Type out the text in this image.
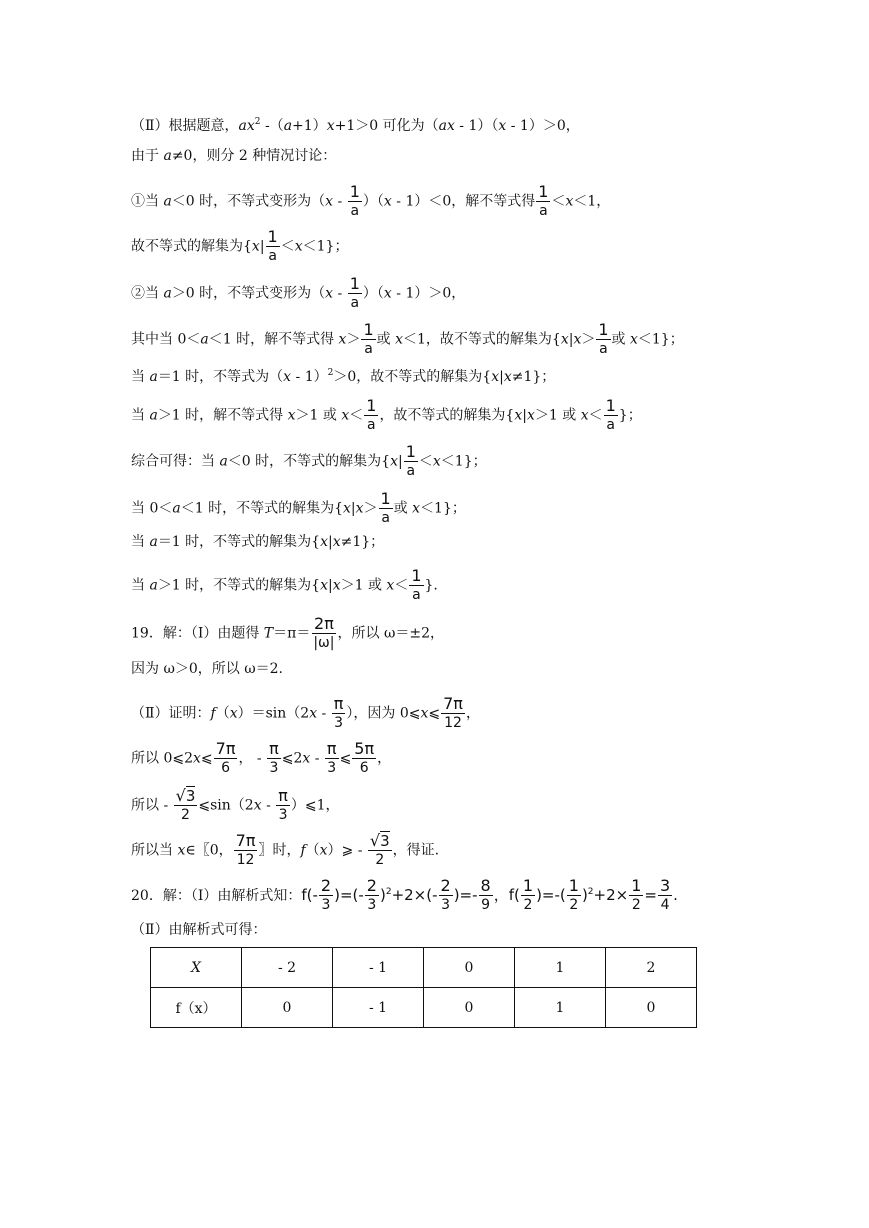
（Ⅱ）根据题意，$ax^2$ -（a+1）x+1＞0 可化为（ax - 1）（x - 1）＞0，
由于 a≠0，则分 2 种情况讨论：
①当 a＜0 时，不等式变形为$(x - \frac{1}{a} )(x - 1)<0$，解不等式得 $\frac{1}{a} <x<1$，
故不等式的解集为$\{x| \frac{1}{a} <x<1\}$；
②当 a＞0 时，不等式变形为$(x - \frac{1}{a} )(x - 1)>0$，
其中当 0＜a＜1 时，解不等式得 $x> \frac{1}{a}$ 或 x＜1，故不等式的解集为{$x|x> \frac{1}{a}$ 或 x＜1}；
当 a＝1 时，不等式为（x - 1）$^2$＞0，故不等式的解集为{x|x≠1}；
当 a＞1 时，解不等式得 x＞1 或 $x< \frac{1}{a}$ ，故不等式的解集为{x|x＞1 或 $x< \frac{1}{a}$ }；
综合可得：当 a＜0 时，不等式的解集为$\{x| \frac{1}{a} <x<1\}$；
当 0＜a＜1 时，不等式的解集为{$x|x> \frac{1}{a}$ 或 x＜1}；
当 a＝1 时，不等式的解集为{x|x≠1}；
当 a＞1 时，不等式的解集为{x|x＞1 或 $x< \frac{1}{a}$ }.
19．解：（Ⅰ）由题得 $T=\pi= \frac{2\pi}{|\omega|}$ ，所以 ω＝±2，
因为 ω＞0，所以 ω＝2.
（Ⅱ）证明：$f(x)=\sin(2x - \frac{\pi}{3}$ ），因为 0⩽x⩽ $\frac{7\pi}{12}$ ，
所以 0⩽2x⩽ $\frac{7\pi}{6}$ ， - $\frac{\pi}{3}$ ⩽2x - $\frac{\pi}{3}$ ⩽ $\frac{5\pi}{6}$ ，
所以 - $\frac{√3}{2}$ ⩽sin（2x - $\frac{\pi}{3}$ ）⩽1，
所以当 x∈〖0， $\frac{7\pi}{12}$ 〗时，f（x）⩾ - $\frac{√3}{2}$ ，得证.
20．解：（Ⅰ）由解析式知：$f(- \frac{2}{3}$ )=(- $\frac{2}{3} )^2+2\times(- \frac{2}{3}$ )=- $\frac{8}{9}$ ，$f( \frac{1}{2}$ )=-( $\frac{1}{2} )^2+2\times \frac{1}{2} = \frac{3}{4}$ .
（Ⅱ）由解析式可得：
X	- 2	- 1	0	1	2
f（x）	0	- 1	0	1	0
